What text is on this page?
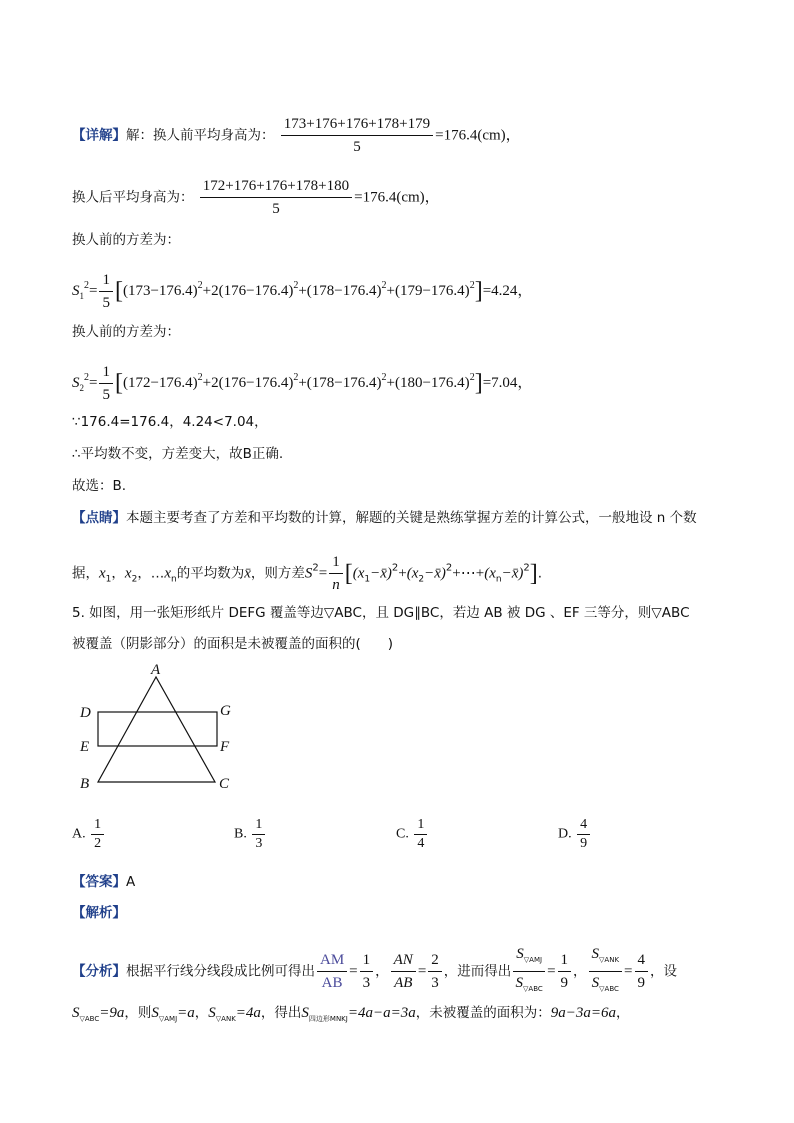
【详解】解：换人前平均身高为： $\frac{173+176+176+178+179}{5} =176.4(cm)$，
换人后平均身高为： $\frac{172+176+176+178+180}{5} =176.4(cm)$，
换人前的方差为：
$S_1^2= \frac{1}{5} [(173-176.4)^2+2(176-176.4)^2+(178-176.4)^2+(179-176.4)^2]=4.24$，
换人前的方差为：
$S_2^2= \frac{1}{5} [(172-176.4)^2+2(176-176.4)^2+(178-176.4)^2+(180-176.4)^2]=7.04$，
∵176.4=176.4，4.24<7.04，
∴平均数不变，方差变大，故B正确.
故选：B.
【点睛】本题主要考查了方差和平均数的计算，解题的关键是熟练掌握方差的计算公式，一般地设 n 个数
据，$x_1$，$x_2$，$\dots x_n$的平均数为x̄，则方差$S^2= \frac{1}{n}$ $[(x_1-x̄)^2+(x_2-x̄)^2+\cdots+(x_n-x̄)^2]$.
5. 如图，用一张矩形纸片 DEFG 覆盖等边▽ABC，且 DG∥BC，若边 AB 被 DG 、EF 三等分，则▽ABC
被覆盖（阴影部分）的面积是未被覆盖的面积的(　　)
A
D	G
E	F
B	C
A. $\frac{1}{2}$	B. $\frac{1}{3}$	C. $\frac{1}{4}$	D. $\frac{4}{9}$
【答案】A
【解析】
【分析】根据平行线分线段成比例可得出 $\frac{AM}{AB} = \frac{1}{3}$ ， $\frac{AN}{AB} = \frac{2}{3}$ ，进而得出 $\frac{S_{▽AMJ}}{S_{▽ABC}} = \frac{1}{9}$ ， $\frac{S_{▽ANK}}{S_{▽ABC}} = \frac{4}{9}$ ，设
$S_{▽ABC}=9a$，则$S_{▽AMJ}=a$，$S_{▽ANK}=4a$，得出$S_{四边形MNKJ}=4a-a=3a$，未被覆盖的面积为：9a−3a=6a，
